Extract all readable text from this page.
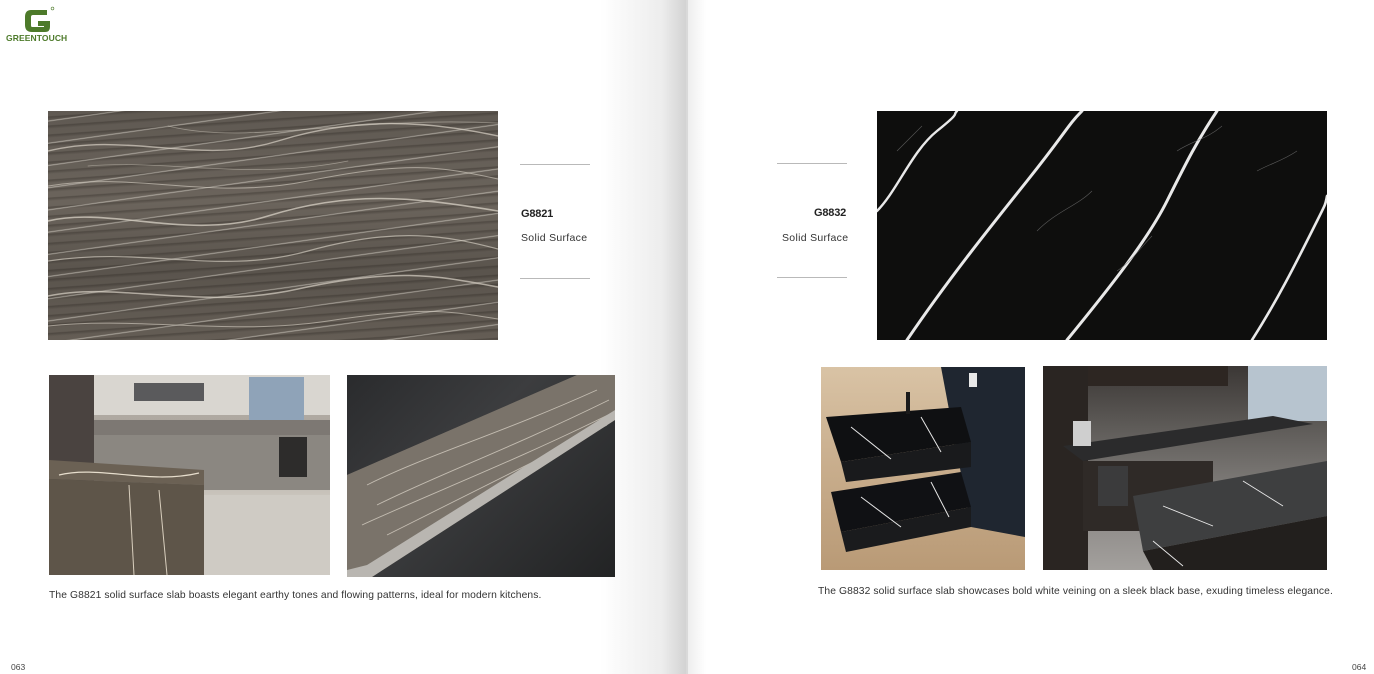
GREENTOUCH
G8821
Solid Surface
The G8821 solid surface slab boasts elegant earthy tones and flowing patterns, ideal for modern kitchens.
063
G8832
Solid Surface
The G8832 solid surface slab showcases bold white veining on a sleek black base, exuding timeless elegance.
064
